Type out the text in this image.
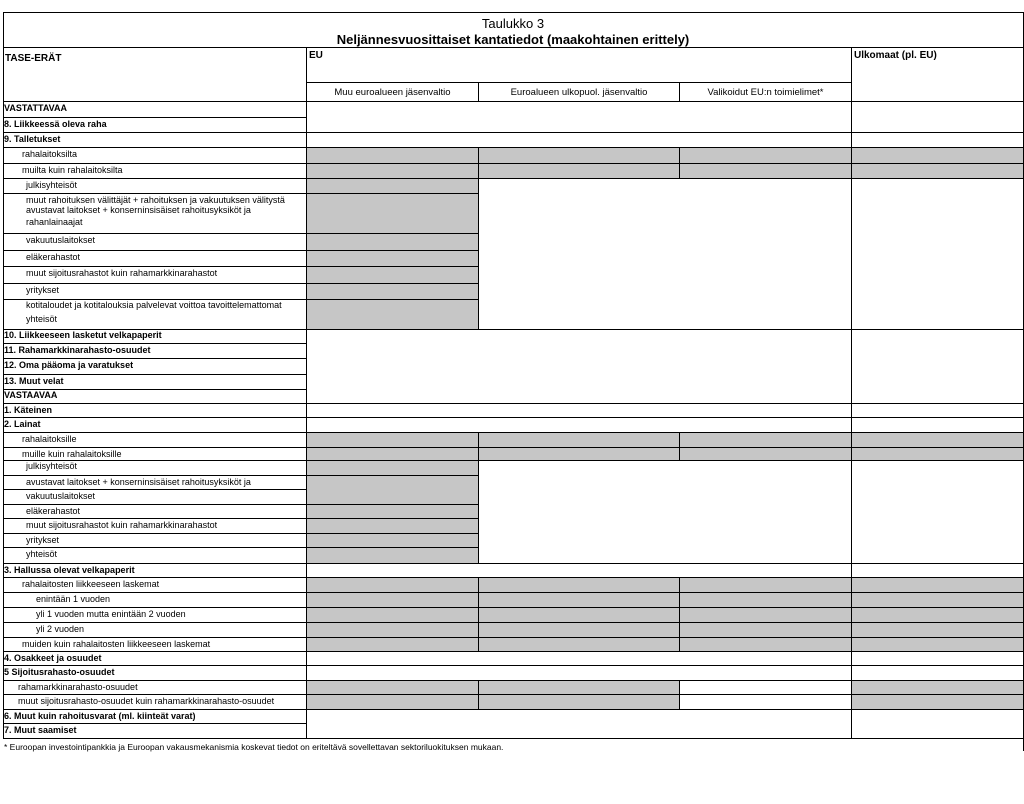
Taulukko 3
Neljännesvuosittaiset kantatiedot (maakohtainen erittely)
TASE-ERÄT	EU	Ulkomaat (pl. EU)
Muu euroalueen jäsenvaltio	Euroalueen ulkopuol. jäsenvaltio	Valikoidut EU:n toimielimet*
* Euroopan investointipankkia ja Euroopan vakausmekanismia koskevat tiedot on eriteltävä sovellettavan sektoriluokituksen mukaan.
VASTATTAVAA
8. Liikkeessä oleva raha
9. Talletukset
rahalaitoksilta
muilta kuin rahalaitoksilta
julkisyhteisöt
muut rahoituksen välittäjät + rahoituksen ja vakuutuksen välitystä
avustavat laitokset + konserninsisäiset rahoitusyksiköt ja
rahanlainaajat
vakuutuslaitokset
eläkerahastot
muut sijoitusrahastot kuin rahamarkkinarahastot
yritykset
kotitaloudet ja kotitalouksia palvelevat voittoa tavoittelemattomat
yhteisöt
10. Liikkeeseen lasketut velkapaperit
11. Rahamarkkinarahasto-osuudet
12. Oma pääoma ja varatukset
13. Muut velat
VASTAAVAA
1. Käteinen
2. Lainat
rahalaitoksille
muille kuin rahalaitoksille
julkisyhteisöt
avustavat laitokset + konserninsisäiset rahoitusyksiköt ja
vakuutuslaitokset
eläkerahastot
muut sijoitusrahastot kuin rahamarkkinarahastot
yritykset
yhteisöt
3. Hallussa olevat velkapaperit
rahalaitosten liikkeeseen laskemat
enintään 1 vuoden
yli 1 vuoden mutta enintään 2 vuoden
yli 2 vuoden
muiden kuin rahalaitosten liikkeeseen laskemat
4. Osakkeet ja osuudet
5 Sijoitusrahasto-osuudet
rahamarkkinarahasto-osuudet
muut sijoitusrahasto-osuudet kuin rahamarkkinarahasto-osuudet
6. Muut kuin rahoitusvarat (ml. kiinteät varat)
7. Muut saamiset
